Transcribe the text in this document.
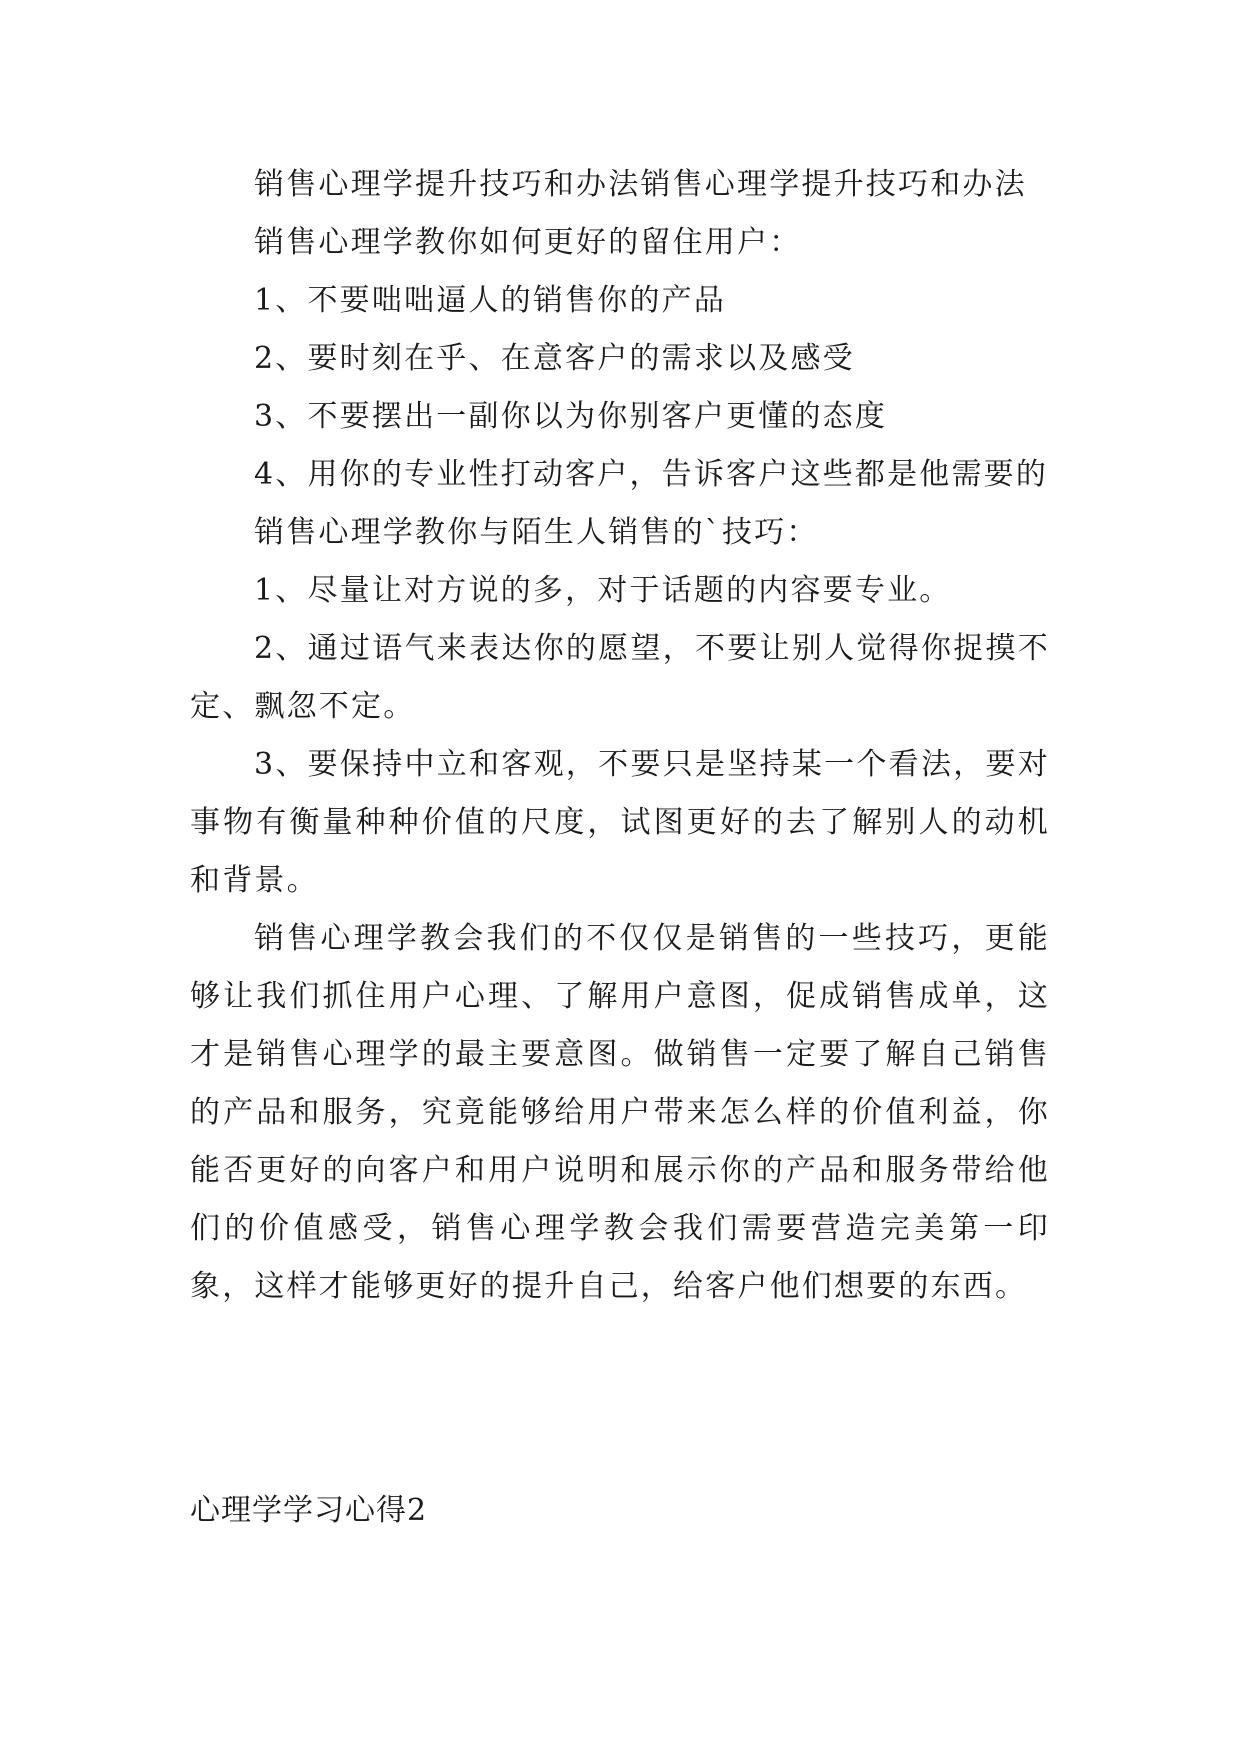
销售心理学提升技巧和办法销售心理学提升技巧和办法

销售心理学教你如何更好的留住用户：

1、不要咄咄逼人的销售你的产品

2、要时刻在乎、在意客户的需求以及感受

3、不要摆出一副你以为你别客户更懂的态度

4、用你的专业性打动客户，告诉客户这些都是他需要的

销售心理学教你与陌生人销售的`技巧：

1、尽量让对方说的多，对于话题的内容要专业。

2、通过语气来表达你的愿望，不要让别人觉得你捉摸不定、飘忽不定。

3、要保持中立和客观，不要只是坚持某一个看法，要对事物有衡量种种价值的尺度，试图更好的去了解别人的动机和背景。

销售心理学教会我们的不仅仅是销售的一些技巧，更能够让我们抓住用户心理、了解用户意图，促成销售成单，这才是销售心理学的最主要意图。做销售一定要了解自己销售的产品和服务，究竟能够给用户带来怎么样的价值利益，你能否更好的向客户和用户说明和展示你的产品和服务带给他们的价值感受，销售心理学教会我们需要营造完美第一印象，这样才能够更好的提升自己，给客户他们想要的东西。

心理学学习心得2
